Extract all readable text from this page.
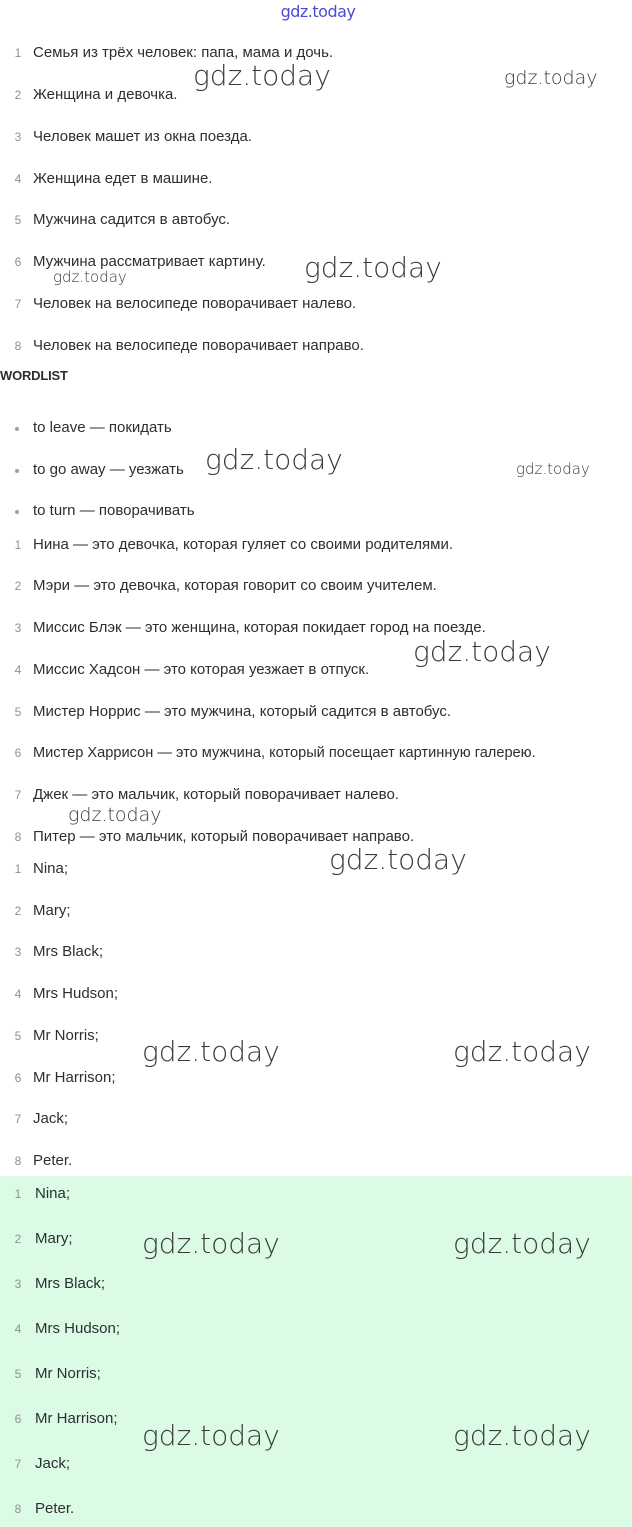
gdz.today
1 Семья из трёх человек: папа, мама и дочь.
2 Женщина и девочка.
3 Человек машет из окна поезда.
4 Женщина едет в машине.
5 Мужчина садится в автобус.
6 Мужчина рассматривает картину.
7 Человек на велосипеде поворачивает налево.
8 Человек на велосипеде поворачивает направо.
WORDLIST
to leave — покидать
to go away — уезжать
to turn — поворачивать
1 Нина — это девочка, которая гуляет со своими родителями.
2 Мэри — это девочка, которая говорит со своим учителем.
3 Миссис Блэк — это женщина, которая покидает город на поезде.
4 Миссис Хадсон — это которая уезжает в отпуск.
5 Мистер Норрис — это мужчина, который садится в автобус.
6 Мистер Харрисон — это мужчина, который посещает картинную галерею.
7 Джек — это мальчик, который поворачивает налево.
8 Питер — это мальчик, который поворачивает направо.
1 Nina;
2 Mary;
3 Mrs Black;
4 Mrs Hudson;
5 Mr Norris;
6 Mr Harrison;
7 Jack;
8 Peter.
1 Nina;
2 Mary;
3 Mrs Black;
4 Mrs Hudson;
5 Mr Norris;
6 Mr Harrison;
7 Jack;
8 Peter.
gdz.today	gdz.today
gdz.today
gdz.today
gdz.today	gdz.today
gdz.today
gdz.today
gdz.today
gdz.today	gdz.today
gdz.today	gdz.today
gdz.today	gdz.today
